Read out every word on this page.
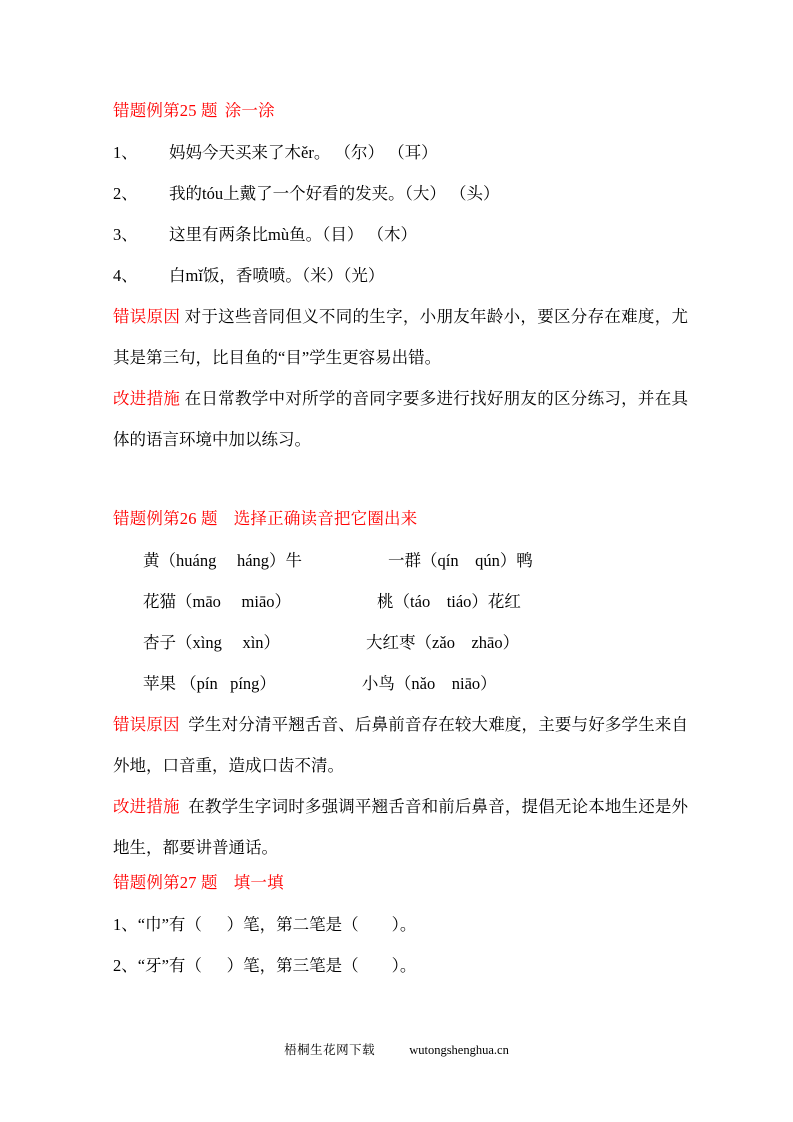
错题例第25 题 涂一涂

1、 妈妈今天买来了木ěr。 （尔） （耳）

2、 我的tóu上戴了一个好看的发夹。（大） （头）

3、 这里有两条比mù鱼。（目） （木）

4、 白mǐ饭，香喷喷。（米）（光）

错误原因 对于这些音同但义不同的生字，小朋友年龄小，要区分存在难度，尤其是第三句，比目鱼的“目”学生更容易出错。

改进措施 在日常教学中对所学的音同字要多进行找好朋友的区分练习，并在具体的语言环境中加以练习。

错题例第26 题 选择正确读音把它圈出来

黄（huáng     háng）牛	一群（qín    qún）鸭

花猫（māo     miāo）	桃（táo    tiáo）花红

杏子（xìng     xìn）	大红枣（zǎo    zhāo）

苹果 （pín   píng）	小鸟（nǎo    niāo）

错误原因 学生对分清平翘舌音、后鼻前音存在较大难度，主要与好多学生来自外地，口音重，造成口齿不清。

改进措施 在教学生字词时多强调平翘舌音和前后鼻音，提倡无论本地生还是外地生，都要讲普通话。

错题例第27 题 填一填

1、“巾”有（      ）笔，第二笔是（        ）。

2、“牙”有（      ）笔，第三笔是（        ）。

梧桐生花网下载	wutongshenghua.cn
